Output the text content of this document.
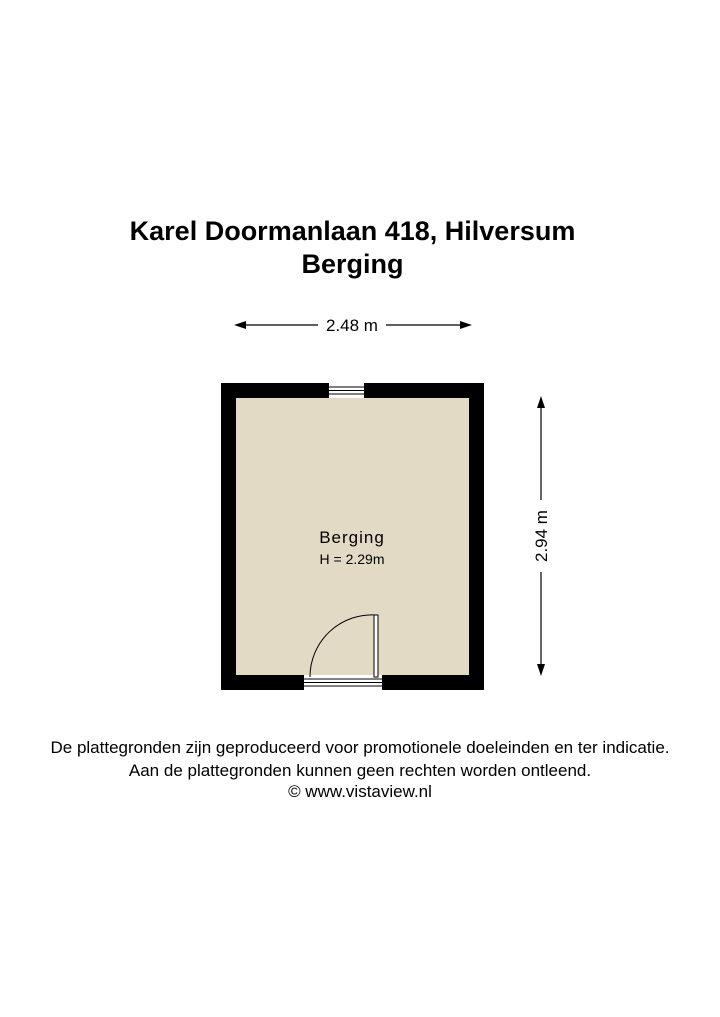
Karel Doormanlaan 418, Hilversum
Berging
2.48 m
2.94 m
Berging
H = 2.29m
De plattegronden zijn geproduceerd voor promotionele doeleinden en ter indicatie.
Aan de plattegronden kunnen geen rechten worden ontleend.
© www.vistaview.nl
